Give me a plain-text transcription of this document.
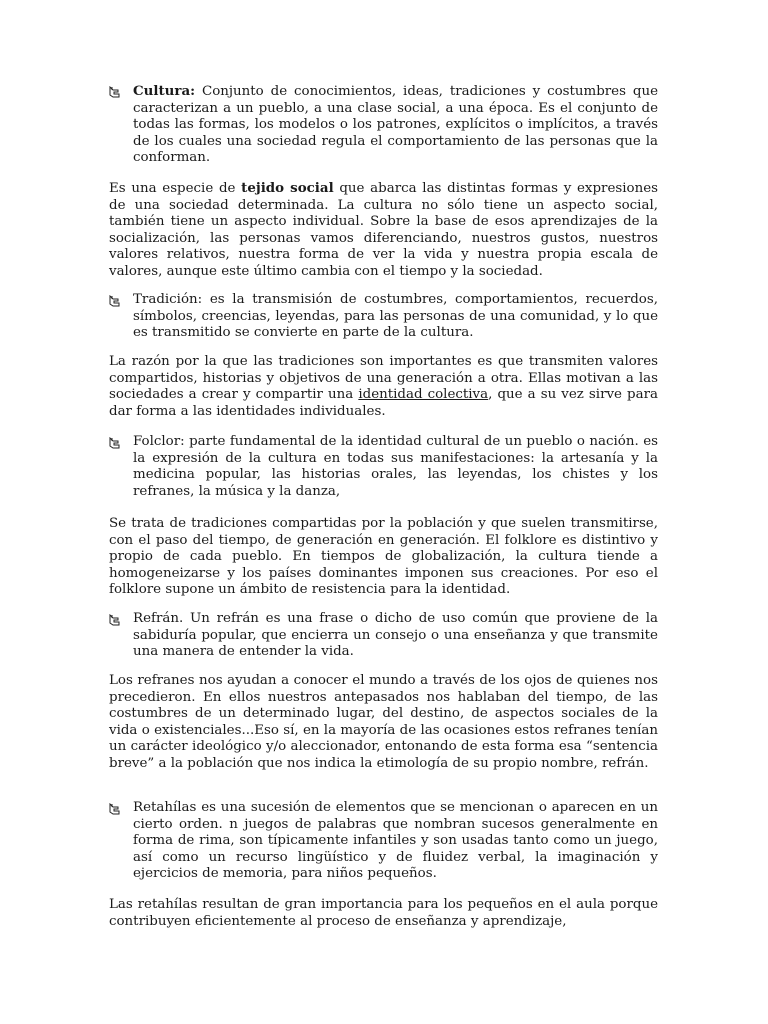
Cultura: Conjunto de conocimientos, ideas, tradiciones y costumbres que caracterizan a un pueblo, a una clase social, a una época. Es el conjunto de todas las formas, los modelos o los patrones, explícitos o implícitos, a través de los cuales una sociedad regula el comportamiento de las personas que la conforman.

Es una especie de tejido social que abarca las distintas formas y expresiones de una sociedad determinada. La cultura no sólo tiene un aspecto social, también tiene un aspecto individual. Sobre la base de esos aprendizajes de la socialización, las personas vamos diferenciando, nuestros gustos, nuestros valores relativos, nuestra forma de ver la vida y nuestra propia escala de valores, aunque este último cambia con el tiempo y la sociedad.

Tradición: es la transmisión de costumbres, comportamientos, recuerdos, símbolos, creencias, leyendas, para las personas de una comunidad, y lo que es transmitido se convierte en parte de la cultura.

La razón por la que las tradiciones son importantes es que transmiten valores compartidos, historias y objetivos de una generación a otra. Ellas motivan a las sociedades a crear y compartir una identidad colectiva, que a su vez sirve para dar forma a las identidades individuales.

Folclor: parte fundamental de la identidad cultural de un pueblo o nación. es la expresión de la cultura en todas sus manifestaciones: la artesanía y la medicina popular, las historias orales, las leyendas, los chistes y los refranes, la música y la danza,

Se trata de tradiciones compartidas por la población y que suelen transmitirse, con el paso del tiempo, de generación en generación. El folklore es distintivo y propio de cada pueblo. En tiempos de globalización, la cultura tiende a homogeneizarse y los países dominantes imponen sus creaciones. Por eso el folklore supone un ámbito de resistencia para la identidad.

Refrán. Un refrán es una frase o dicho de uso común que proviene de la sabiduría popular, que encierra un consejo o una enseñanza y que transmite una manera de entender la vida.

Los refranes nos ayudan a conocer el mundo a través de los ojos de quienes nos precedieron. En ellos nuestros antepasados nos hablaban del tiempo, de las costumbres de un determinado lugar, del destino, de aspectos sociales de la vida o existenciales...Eso sí, en la mayoría de las ocasiones estos refranes tenían un carácter ideológico y/o aleccionador, entonando de esta forma esa “sentencia breve” a la población que nos indica la etimología de su propio nombre, refrán.

Retahílas es una sucesión de elementos que se mencionan o aparecen en un cierto orden. n juegos de palabras que nombran sucesos generalmente en forma de rima, son típicamente infantiles y son usadas tanto como un juego, así como un recurso lingüístico y de fluidez verbal, la imaginación y ejercicios de memoria, para niños pequeños.

Las retahílas resultan de gran importancia para los pequeños en el aula porque contribuyen eficientemente al proceso de enseñanza y aprendizaje,
